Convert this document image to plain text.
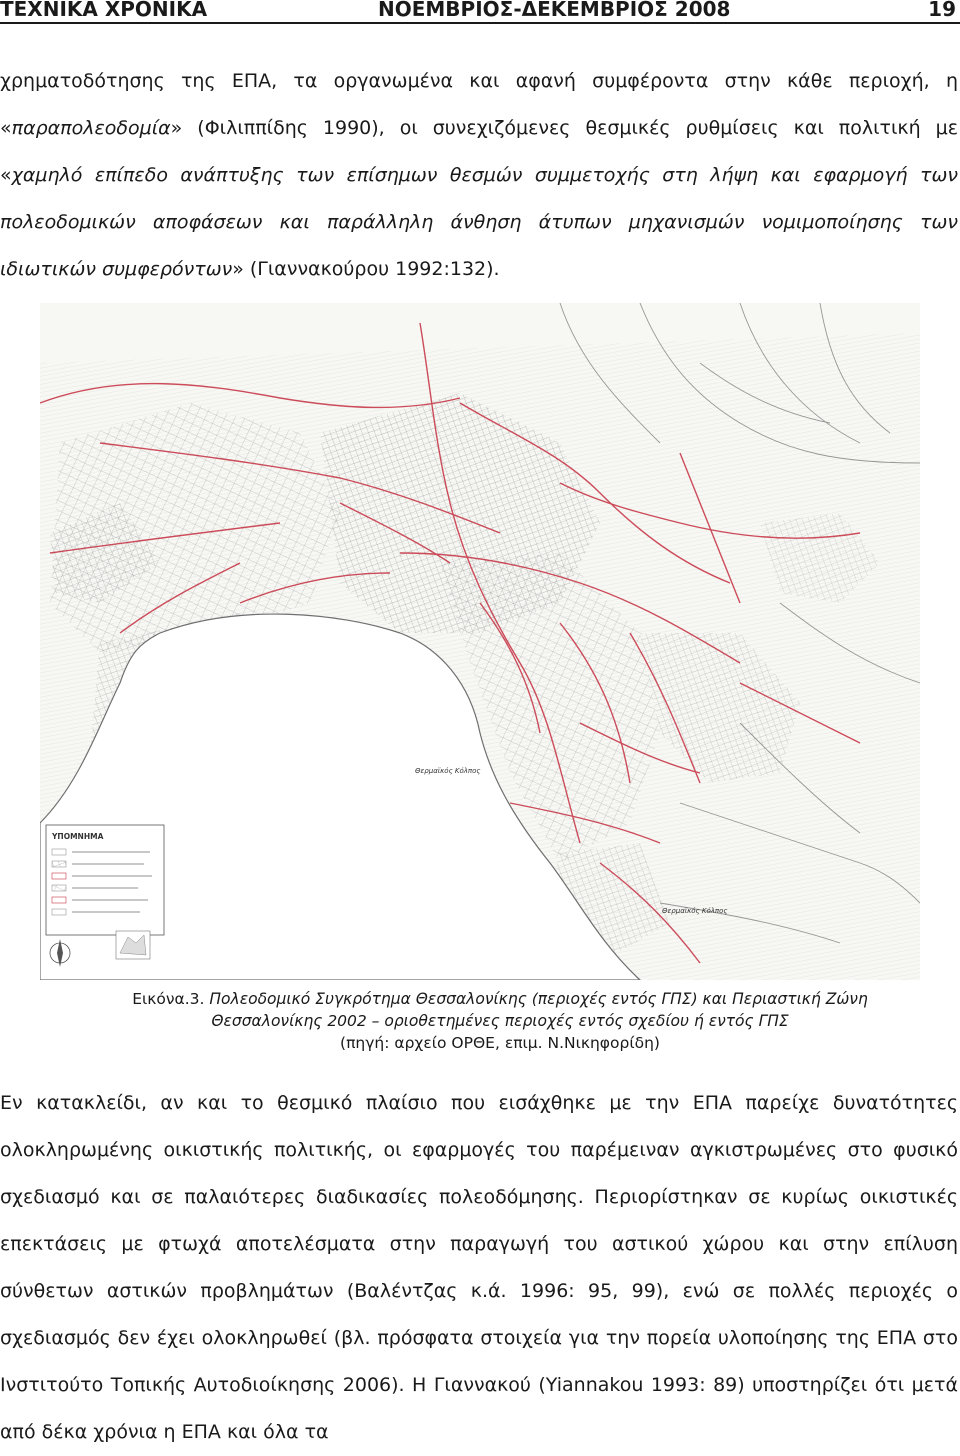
ΤΕΧΝΙΚΑ ΧΡΟΝΙΚΑ	ΝΟΕΜΒΡΙΟΣ-ΔΕΚΕΜΒΡΙΟΣ 2008	19

χρηματοδότησης της ΕΠΑ, τα οργανωμένα και αφανή συμφέροντα στην κάθε περιοχή, η «παραπολεοδομία» (Φιλιππίδης 1990), οι συνεχιζόμενες θεσμικές ρυθμίσεις και πολιτική με «χαμηλό επίπεδο ανάπτυξης των επίσημων θεσμών συμμετοχής στη λήψη και εφαρμογή των πολεοδομικών αποφάσεων και παράλληλη άνθηση άτυπων μηχανισμών νομιμοποίησης των ιδιωτικών συμφερόντων» (Γιαννακούρου 1992:132).

ΥΠΟΜΝΗΜΑ
Θερμαϊκός Κόλπος
Θερμαϊκός Κόλπος
Εικόνα.3. Πολεοδομικό Συγκρότημα Θεσσαλονίκης (περιοχές εντός ΓΠΣ) και Περιαστική Ζώνη Θεσσαλονίκης 2002 – οριοθετημένες περιοχές εντός σχεδίου ή εντός ΓΠΣ
(πηγή: αρχείο ΟΡΘΕ, επιμ. Ν.Νικηφορίδη)

Εν κατακλείδι, αν και το θεσμικό πλαίσιο που εισάχθηκε με την ΕΠΑ παρείχε δυνατότητες ολοκληρωμένης οικιστικής πολιτικής, οι εφαρμογές του παρέμειναν αγκιστρωμένες στο φυσικό σχεδιασμό και σε παλαιότερες διαδικασίες πολεοδόμησης. Περιορίστηκαν σε κυρίως οικιστικές επεκτάσεις με φτωχά αποτελέσματα στην παραγωγή του αστικού χώρου και στην επίλυση σύνθετων αστικών προβλημάτων (Βαλέντζας κ.ά. 1996: 95, 99), ενώ σε πολλές περιοχές ο σχεδιασμός δεν έχει ολοκληρωθεί (βλ. πρόσφατα στοιχεία για την πορεία υλοποίησης της ΕΠΑ στο Ινστιτούτο Τοπικής Αυτοδιοίκησης 2006). Η Γιαννακού (Yiannakou 1993: 89) υποστηρίζει ότι μετά από δέκα χρόνια η ΕΠΑ και όλα τα
